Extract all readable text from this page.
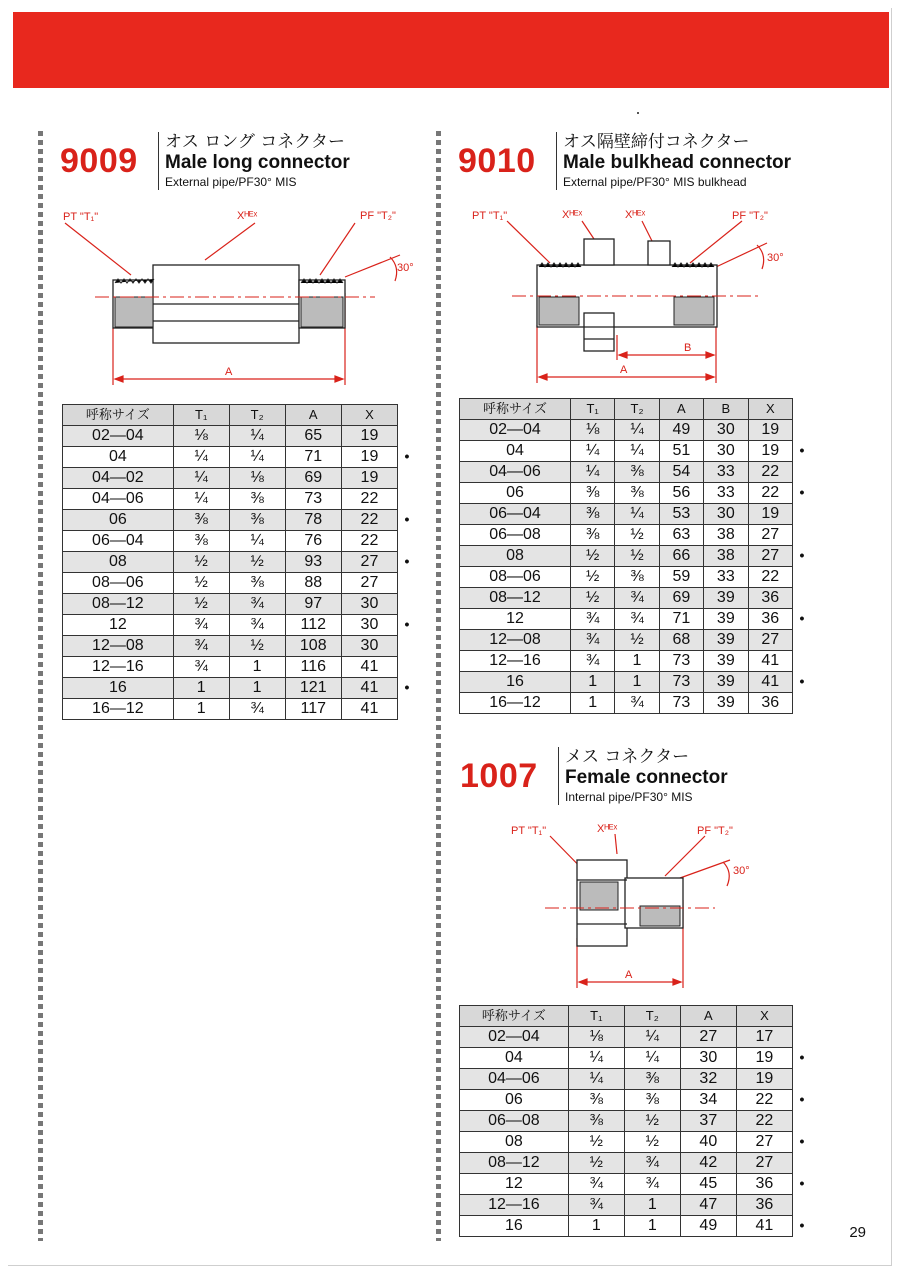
9009 オス ロング コネクター
Male long connector
External pipe/PF30° MIS
PT "T₁"	Xᴴᴱˣ	PF "T₂"
30°
A
呼称サイズ	T₁	T₂	A	X
02—04	⅛	¼	65	19
04	¼	¼	71	19
04—02	¼	⅛	69	19
04—06	¼	⅜	73	22
06	⅜	⅜	78	22
06—04	⅜	¼	76	22
08	½	½	93	27
08—06	½	⅜	88	27
08—12	½	¾	97	30
12	¾	¾	112	30
12—08	¾	½	108	30
12—16	¾	1	116	41
16	1	1	121	41
16—12	1	¾	117	41
•
•
•
•
•
9010 オス隔壁締付コネクター
Male bulkhead connector
External pipe/PF30° MIS bulkhead
PT "T₁"	Xᴴᴱˣ	Xᴴᴱˣ	PF "T₂"
30°
A
B
呼称サイズ	T₁	T₂	A	B	X
02—04	⅛	¼	49	30	19
04	¼	¼	51	30	19
04—06	¼	⅜	54	33	22
06	⅜	⅜	56	33	22
06—04	⅜	¼	53	30	19
06—08	⅜	½	63	38	27
08	½	½	66	38	27
08—06	½	⅜	59	33	22
08—12	½	¾	69	39	36
12	¾	¾	71	39	36
12—08	¾	½	68	39	27
12—16	¾	1	73	39	41
16	1	1	73	39	41
16—12	1	¾	73	39	36
•
•
•
•
•
1007 メス コネクター
Female connector
Internal pipe/PF30° MIS
PT "T₁"	Xᴴᴱˣ	PF "T₂"
30°
A
呼称サイズ	T₁	T₂	A	X
02—04	⅛	¼	27	17
04	¼	¼	30	19
04—06	¼	⅜	32	19
06	⅜	⅜	34	22
06—08	⅜	½	37	22
08	½	½	40	27
08—12	½	¾	42	27
12	¾	¾	45	36
12—16	¾	1	47	36
16	1	1	49	41
•
•
•
•
•	29
